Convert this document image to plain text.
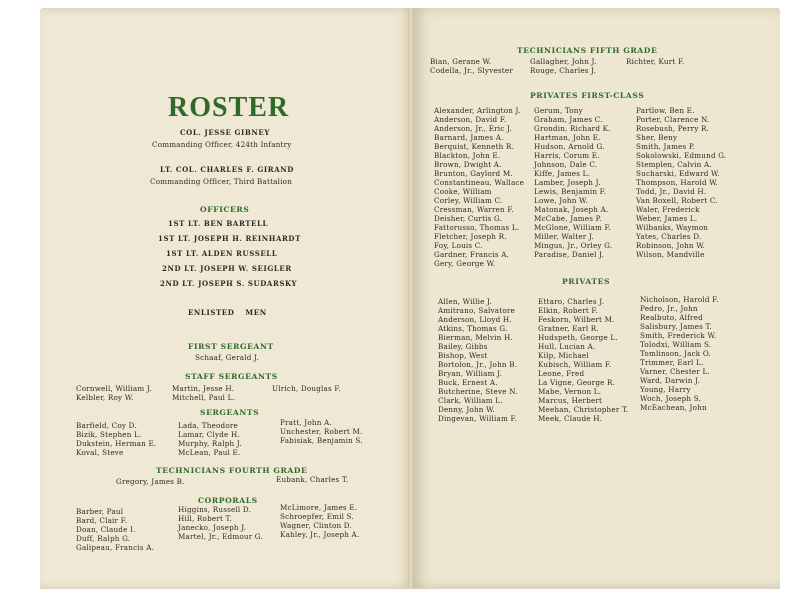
ROSTER
COL. JESSE GIBNEY
Commanding Officer, 424th Infantry
LT. COL. CHARLES F. GIRAND
Commanding Officer, Third Battalion
OFFICERS
1ST LT. BEN BARTELL
1ST LT. JOSEPH H. REINHARDT
1ST LT. ALDEN RUSSELL
2ND LT. JOSEPH W. SEIGLER
2ND LT. JOSEPH S. SUDARSKY
ENLISTED MEN
FIRST SERGEANT
Schaaf, Gerald J.
STAFF SERGEANTS
Cornwell, William J.
Kelbler, Roy W.
Martin, Jesse H.
Mitchell, Paul L.
Ulrich, Douglas F.
SERGEANTS
Barfield, Coy D.
Bizik, Stephen L.
Dukstein, Herman E.
Koval, Steve
Lada, Theodore
Lamar, Clyde H.
Murphy, Ralph J.
McLean, Paul E.
Pratt, John A.
Unchester, Robert M.
Fabisiak, Benjamin S.
TECHNICIANS FOURTH GRADE
Gregory, James B.	Eubank, Charles T.
CORPORALS
Barber, Paul
Bard, Clair F.
Doan, Claude I.
Duff, Ralph G.
Galipeau, Francis A.
Higgins, Russell D.
Hill, Robert T.
Janecko, Joseph J.
Martel, Jr., Edmour G.
McLimore, James E.
Schroepfer, Emil S.
Wagner, Clinton D.
Kahley, Jr., Joseph A.
TECHNICIANS FIFTH GRADE
Bian, Gerane W.
Codella, Jr., Slyvester
Gallagher, John J.
Rouge, Charles J.
Richter, Kurt F.
PRIVATES FIRST-CLASS
Alexander, Arlington J.
Anderson, David F.
Anderson, Jr., Eric J.
Barnard, James A.
Berquist, Kenneth R.
Blackton, John E.
Brown, Dwight A.
Brunton, Gaylord M.
Constantineau, Wallace
Cooke, William
Corley, William C.
Cressman, Warren F.
Deisher, Curtis G.
Fattorusso, Thomas L.
Fletcher, Joseph R.
Foy, Louis C.
Gardner, Francis A.
Gery, George W.
Gerum, Tony
Graham, James C.
Grondin, Richard K.
Hartman, John E.
Hudson, Arnold G.
Harris, Corum E.
Johnson, Dale C.
Kiffe, James L.
Lamber, Joseph J.
Lewis, Benjamin F.
Lowe, John W.
Matonak, Joseph A.
McCabe, James P.
McGlone, William F.
Miller, Walter J.
Mingus, Jr., Orley G.
Paradise, Daniel J.
Partlow, Ben E.
Porter, Clarence N.
Rosebush, Perry R.
Sher, Beny
Smith, James P.
Sokolowski, Edmund G.
Stemplen, Calvin A.
Sucharski, Edward W.
Thompson, Harold W.
Todd, Jr., David H.
Van Boxell, Robert C.
Waler, Frederick
Weber, James L.
Wilbanks, Waymon
Yates, Charles D.
Robinson, John W.
Wilson, Mandville
PRIVATES
Allen, Willie J.
Amitrano, Salvatore
Anderson, Lloyd H.
Atkins, Thomas G.
Bierman, Melvin H.
Bailey, Gibbs
Bishop, West
Bortolon, Jr., John B.
Bryan, William J.
Buck, Ernest A.
Butcherine, Steve N.
Clark, William L.
Denny, John W.
Dingevan, William F.
Ettaro, Charles J.
Elkin, Robert F.
Feskorn, Wilbert M.
Gratner, Earl R.
Hudspeth, George L.
Hull, Lucian A.
Kilp, Michael
Kubisch, William F.
Leone, Fred
La Vigne, George R.
Mabe, Vernon L.
Marcus, Herbert
Meehan, Christopher T.
Meek, Claude H.
Nicholson, Harold F.
Pedro, Jr., John
Realbuto, Alfred
Salisbury, James T.
Smith, Frederick W.
Tolodxi, William S.
Tomlinson, Jack O.
Trimmer, Earl L.
Varner, Chester L.
Ward, Darwin J.
Young, Harry
Woch, Joseph S.
McEachean, John
